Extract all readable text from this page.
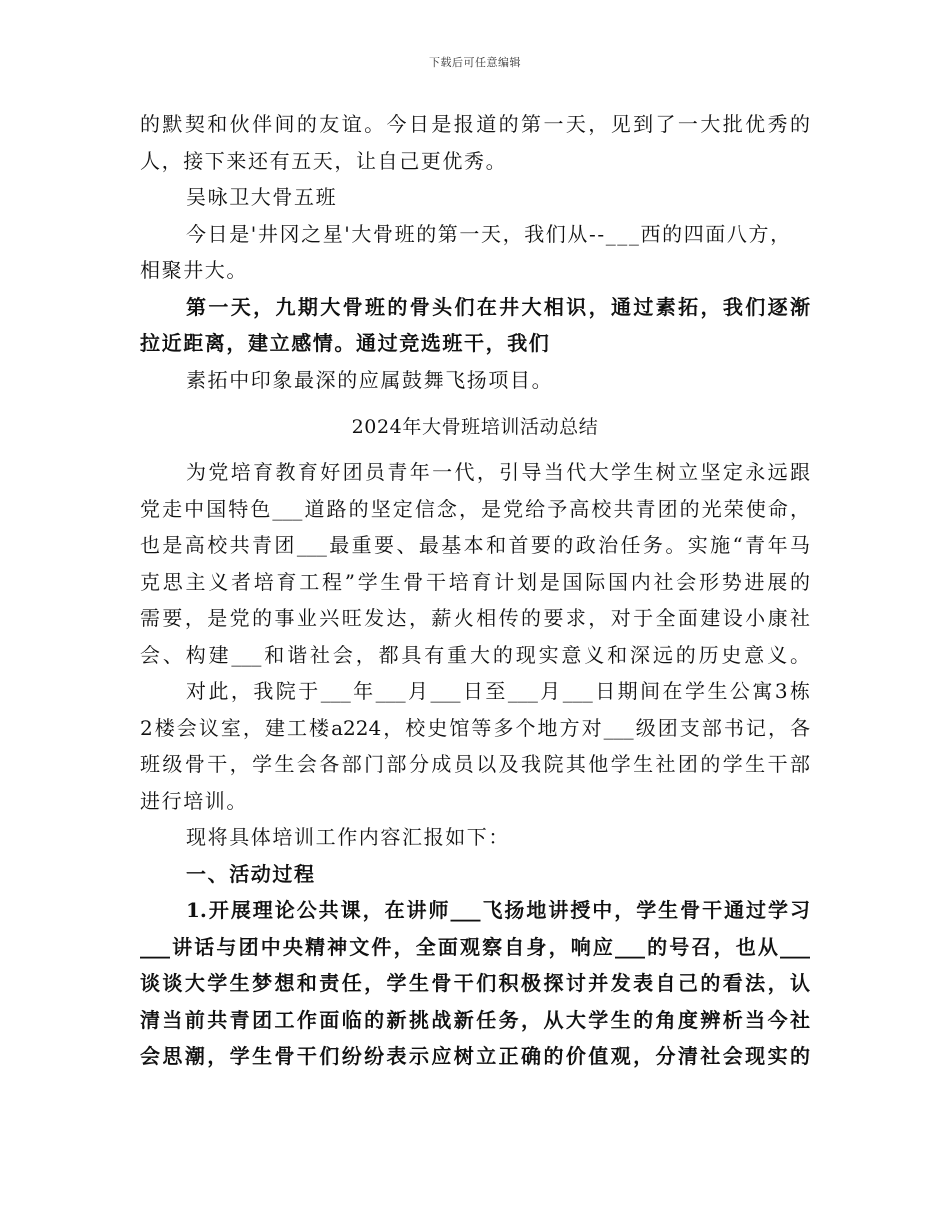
下载后可任意编辑
的默契和伙伴间的友谊。今日是报道的第一天，见到了一大批优秀的
人，接下来还有五天，让自己更优秀。
吴咏卫大骨五班
今日是'井冈之星'大骨班的第一天，我们从--___西的四面八方，
相聚井大。
第一天，九期大骨班的骨头们在井大相识，通过素拓，我们逐渐
拉近距离，建立感情。通过竞选班干，我们
素拓中印象最深的应属鼓舞飞扬项目。
2024年大骨班培训活动总结
为党培育教育好团员青年一代，引导当代大学生树立坚定永远跟
党走中国特色___道路的坚定信念，是党给予高校共青团的光荣使命，
也是高校共青团___最重要、最基本和首要的政治任务。实施“青年马
克思主义者培育工程”学生骨干培育计划是国际国内社会形势进展的
需要，是党的事业兴旺发达，薪火相传的要求，对于全面建设小康社
会、构建___和谐社会，都具有重大的现实意义和深远的历史意义。
对此，我院于___年___月___日至___月___日期间在学生公寓3栋
2楼会议室，建工楼a224，校史馆等多个地方对___级团支部书记，各
班级骨干，学生会各部门部分成员以及我院其他学生社团的学生干部
进行培训。
现将具体培训工作内容汇报如下：
一、活动过程
1.开展理论公共课，在讲师___飞扬地讲授中，学生骨干通过学习
___讲话与团中央精神文件，全面观察自身，响应___的号召，也从___
谈谈大学生梦想和责任，学生骨干们积极探讨并发表自己的看法，认
清当前共青团工作面临的新挑战新任务，从大学生的角度辨析当今社
会思潮，学生骨干们纷纷表示应树立正确的价值观，分清社会现实的
